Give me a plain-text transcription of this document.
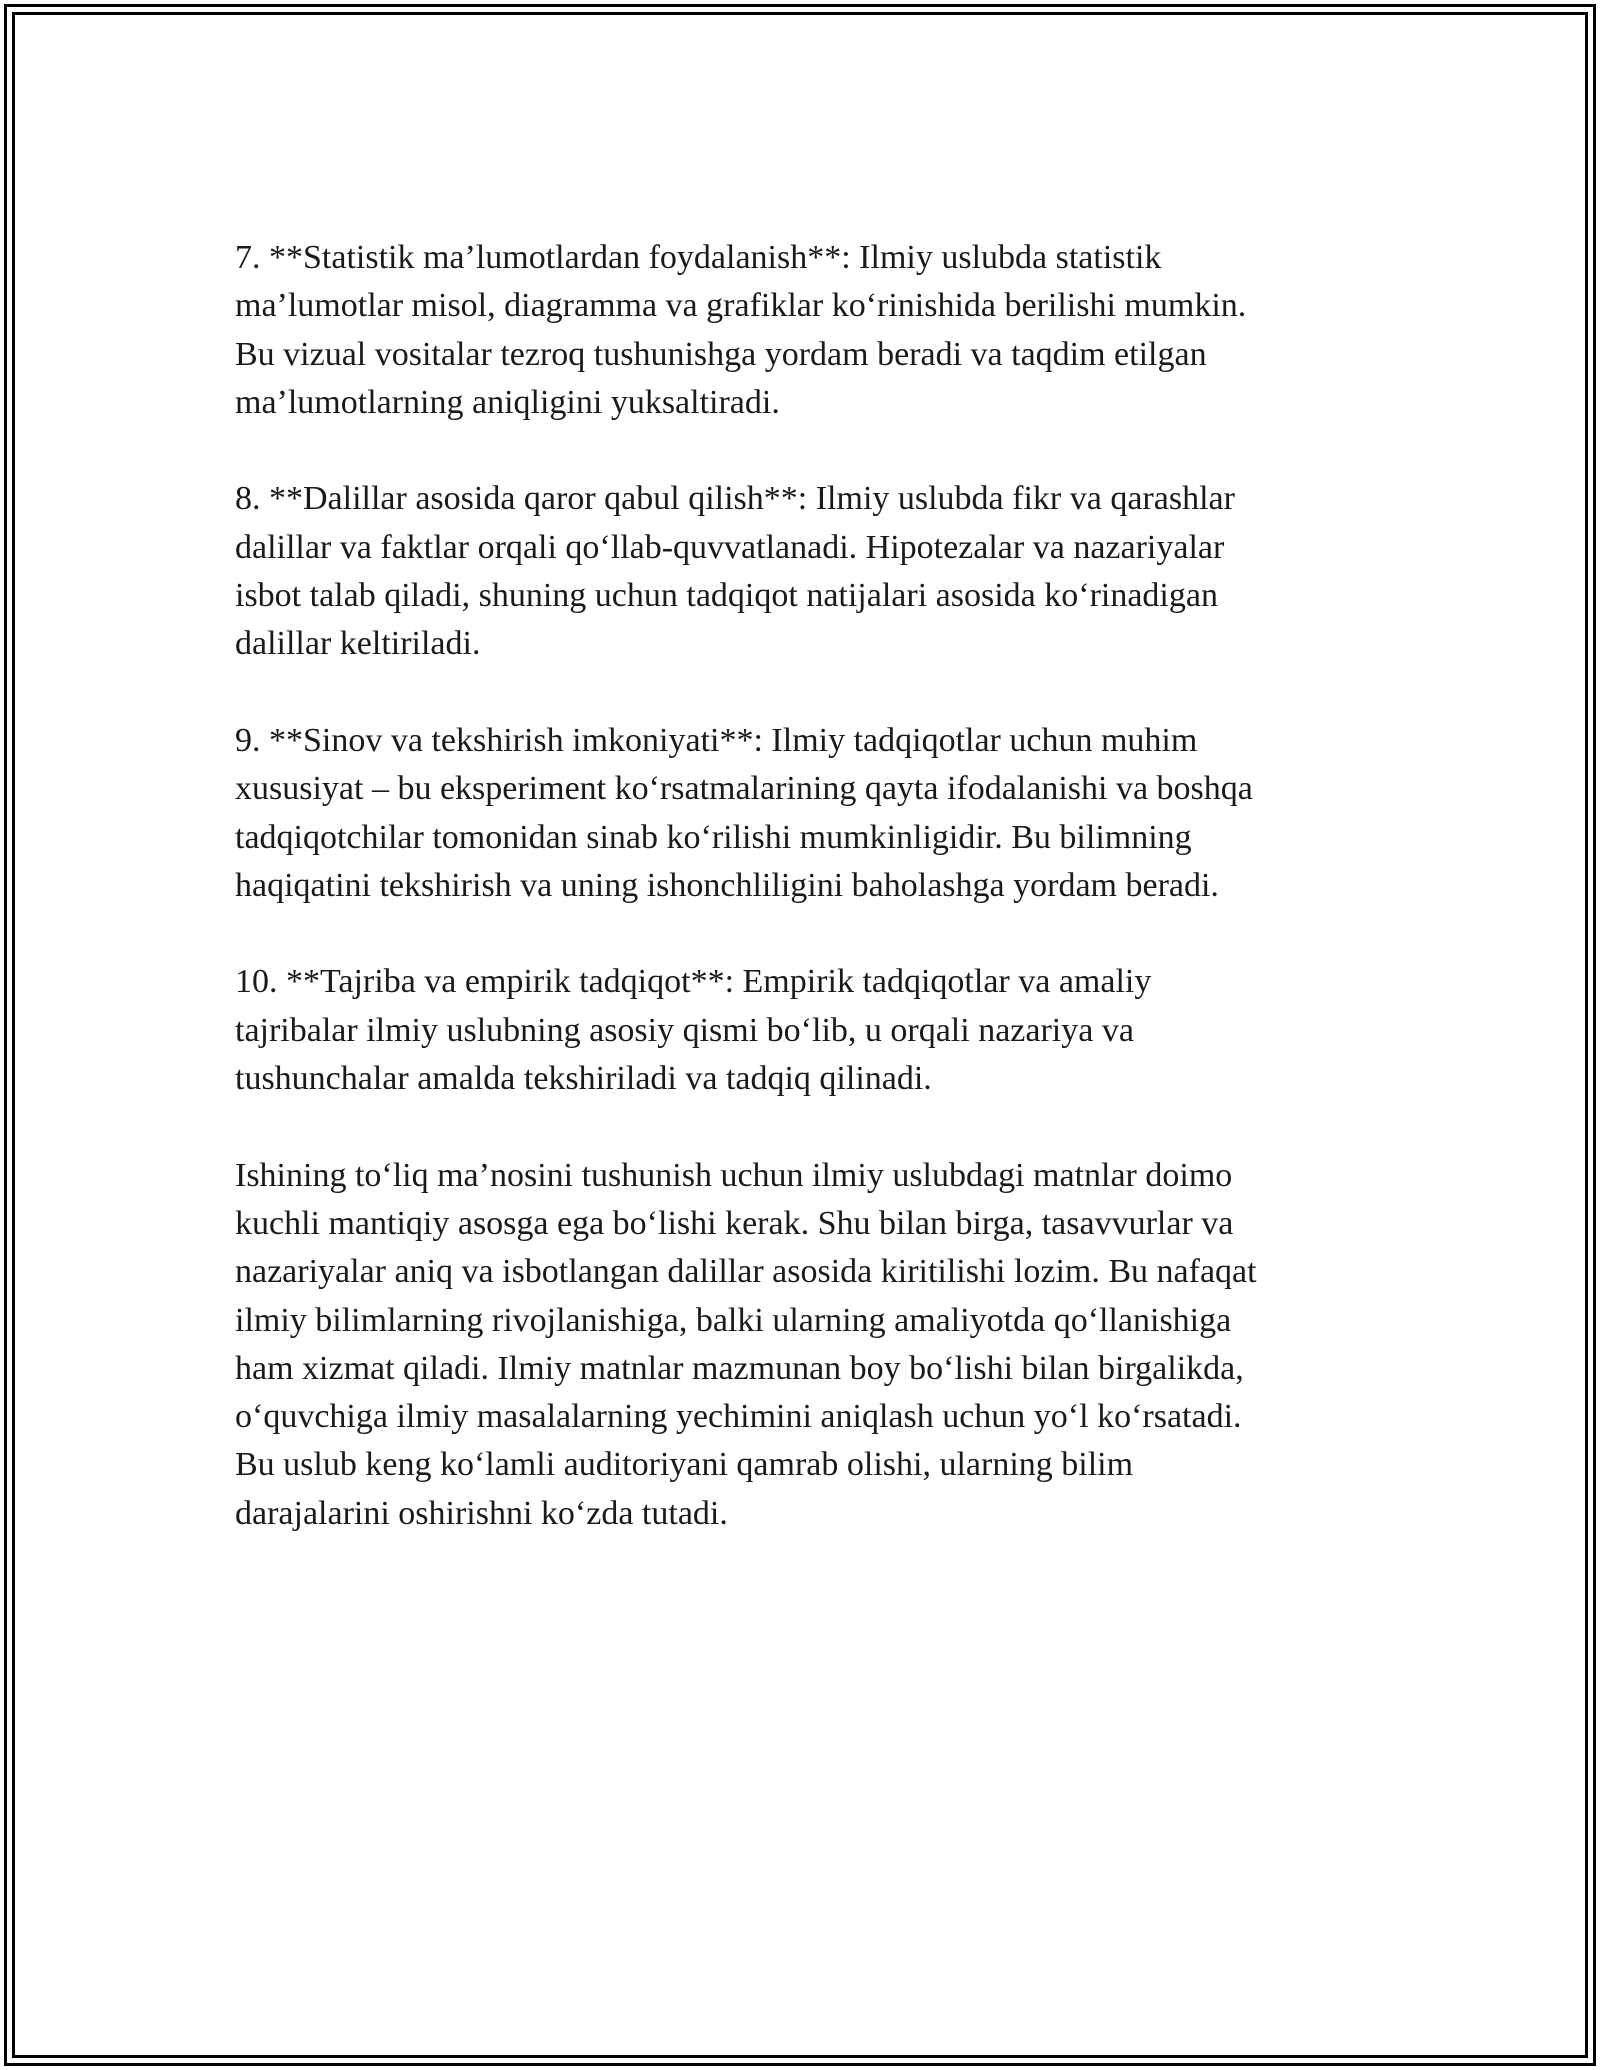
7. **Statistik ma’lumotlardan foydalanish**: Ilmiy uslubda statistik
ma’lumotlar misol, diagramma va grafiklar ko‘rinishida berilishi mumkin.
Bu vizual vositalar tezroq tushunishga yordam beradi va taqdim etilgan
ma’lumotlarning aniqligini yuksaltiradi.

8. **Dalillar asosida qaror qabul qilish**: Ilmiy uslubda fikr va qarashlar
dalillar va faktlar orqali qo‘llab-quvvatlanadi. Hipotezalar va nazariyalar
isbot talab qiladi, shuning uchun tadqiqot natijalari asosida ko‘rinadigan
dalillar keltiriladi.

9. **Sinov va tekshirish imkoniyati**: Ilmiy tadqiqotlar uchun muhim
xususiyat – bu eksperiment ko‘rsatmalarining qayta ifodalanishi va boshqa
tadqiqotchilar tomonidan sinab ko‘rilishi mumkinligidir. Bu bilimning
haqiqatini tekshirish va uning ishonchliligini baholashga yordam beradi.

10. **Tajriba va empirik tadqiqot**: Empirik tadqiqotlar va amaliy
tajribalar ilmiy uslubning asosiy qismi bo‘lib, u orqali nazariya va
tushunchalar amalda tekshiriladi va tadqiq qilinadi.

Ishining to‘liq ma’nosini tushunish uchun ilmiy uslubdagi matnlar doimo
kuchli mantiqiy asosga ega bo‘lishi kerak. Shu bilan birga, tasavvurlar va
nazariyalar aniq va isbotlangan dalillar asosida kiritilishi lozim. Bu nafaqat
ilmiy bilimlarning rivojlanishiga, balki ularning amaliyotda qo‘llanishiga
ham xizmat qiladi. Ilmiy matnlar mazmunan boy bo‘lishi bilan birgalikda,
o‘quvchiga ilmiy masalalarning yechimini aniqlash uchun yo‘l ko‘rsatadi.
Bu uslub keng ko‘lamli auditoriyani qamrab olishi, ularning bilim
darajalarini oshirishni ko‘zda tutadi.
